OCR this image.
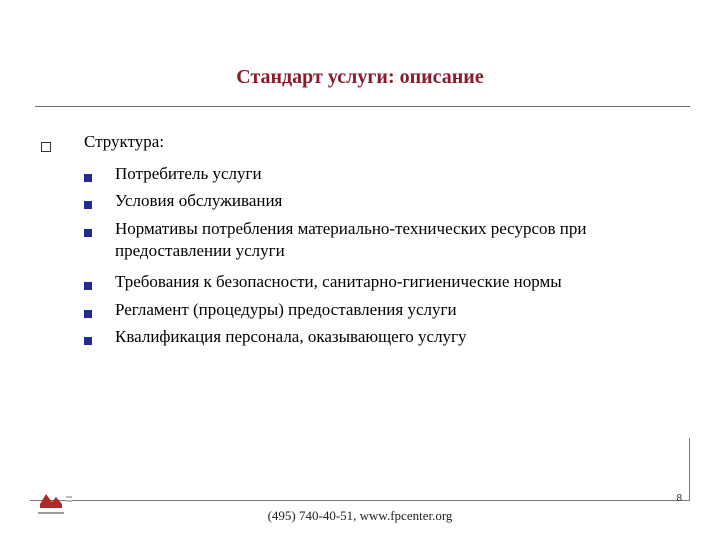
Стандарт услуги: описание
Структура:
Потребитель услуги
Условия обслуживания
Нормативы потребления материально-технических ресурсов при предоставлении услуги
Требования к безопасности, санитарно-гигиенические нормы
Регламент (процедуры) предоставления услуги
Квалификация персонала, оказывающего услугу
8
(495) 740-40-51, www.fpcenter.org
